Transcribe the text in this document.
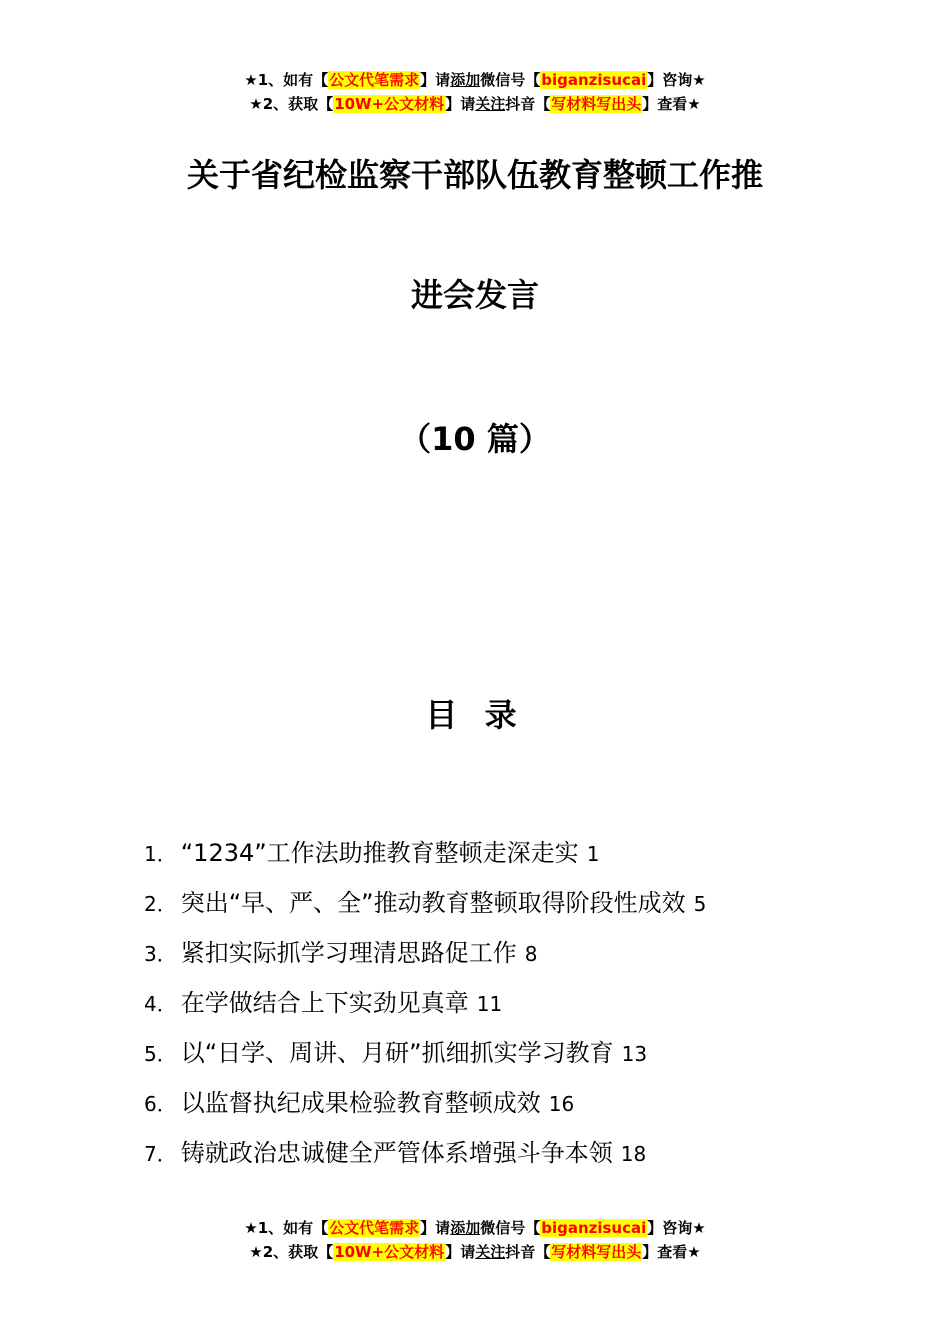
★1、如有【公文代笔需求】请添加微信号【biganzisucai】咨询★
★2、获取【10W+公文材料】请关注抖音【写材料写出头】查看★
关于省纪检监察干部队伍教育整顿工作推
进会发言
（10 篇）
目 录
1． “1234”工作法助推教育整顿走深走实 1
2． 突出“早、严、全”推动教育整顿取得阶段性成效 5
3． 紧扣实际抓学习理清思路促工作 8
4． 在学做结合上下实劲见真章 11
5． 以“日学、周讲、月研”抓细抓实学习教育 13
6． 以监督执纪成果检验教育整顿成效 16
7． 铸就政治忠诚健全严管体系增强斗争本领 18
★1、如有【公文代笔需求】请添加微信号【biganzisucai】咨询★
★2、获取【10W+公文材料】请关注抖音【写材料写出头】查看★
